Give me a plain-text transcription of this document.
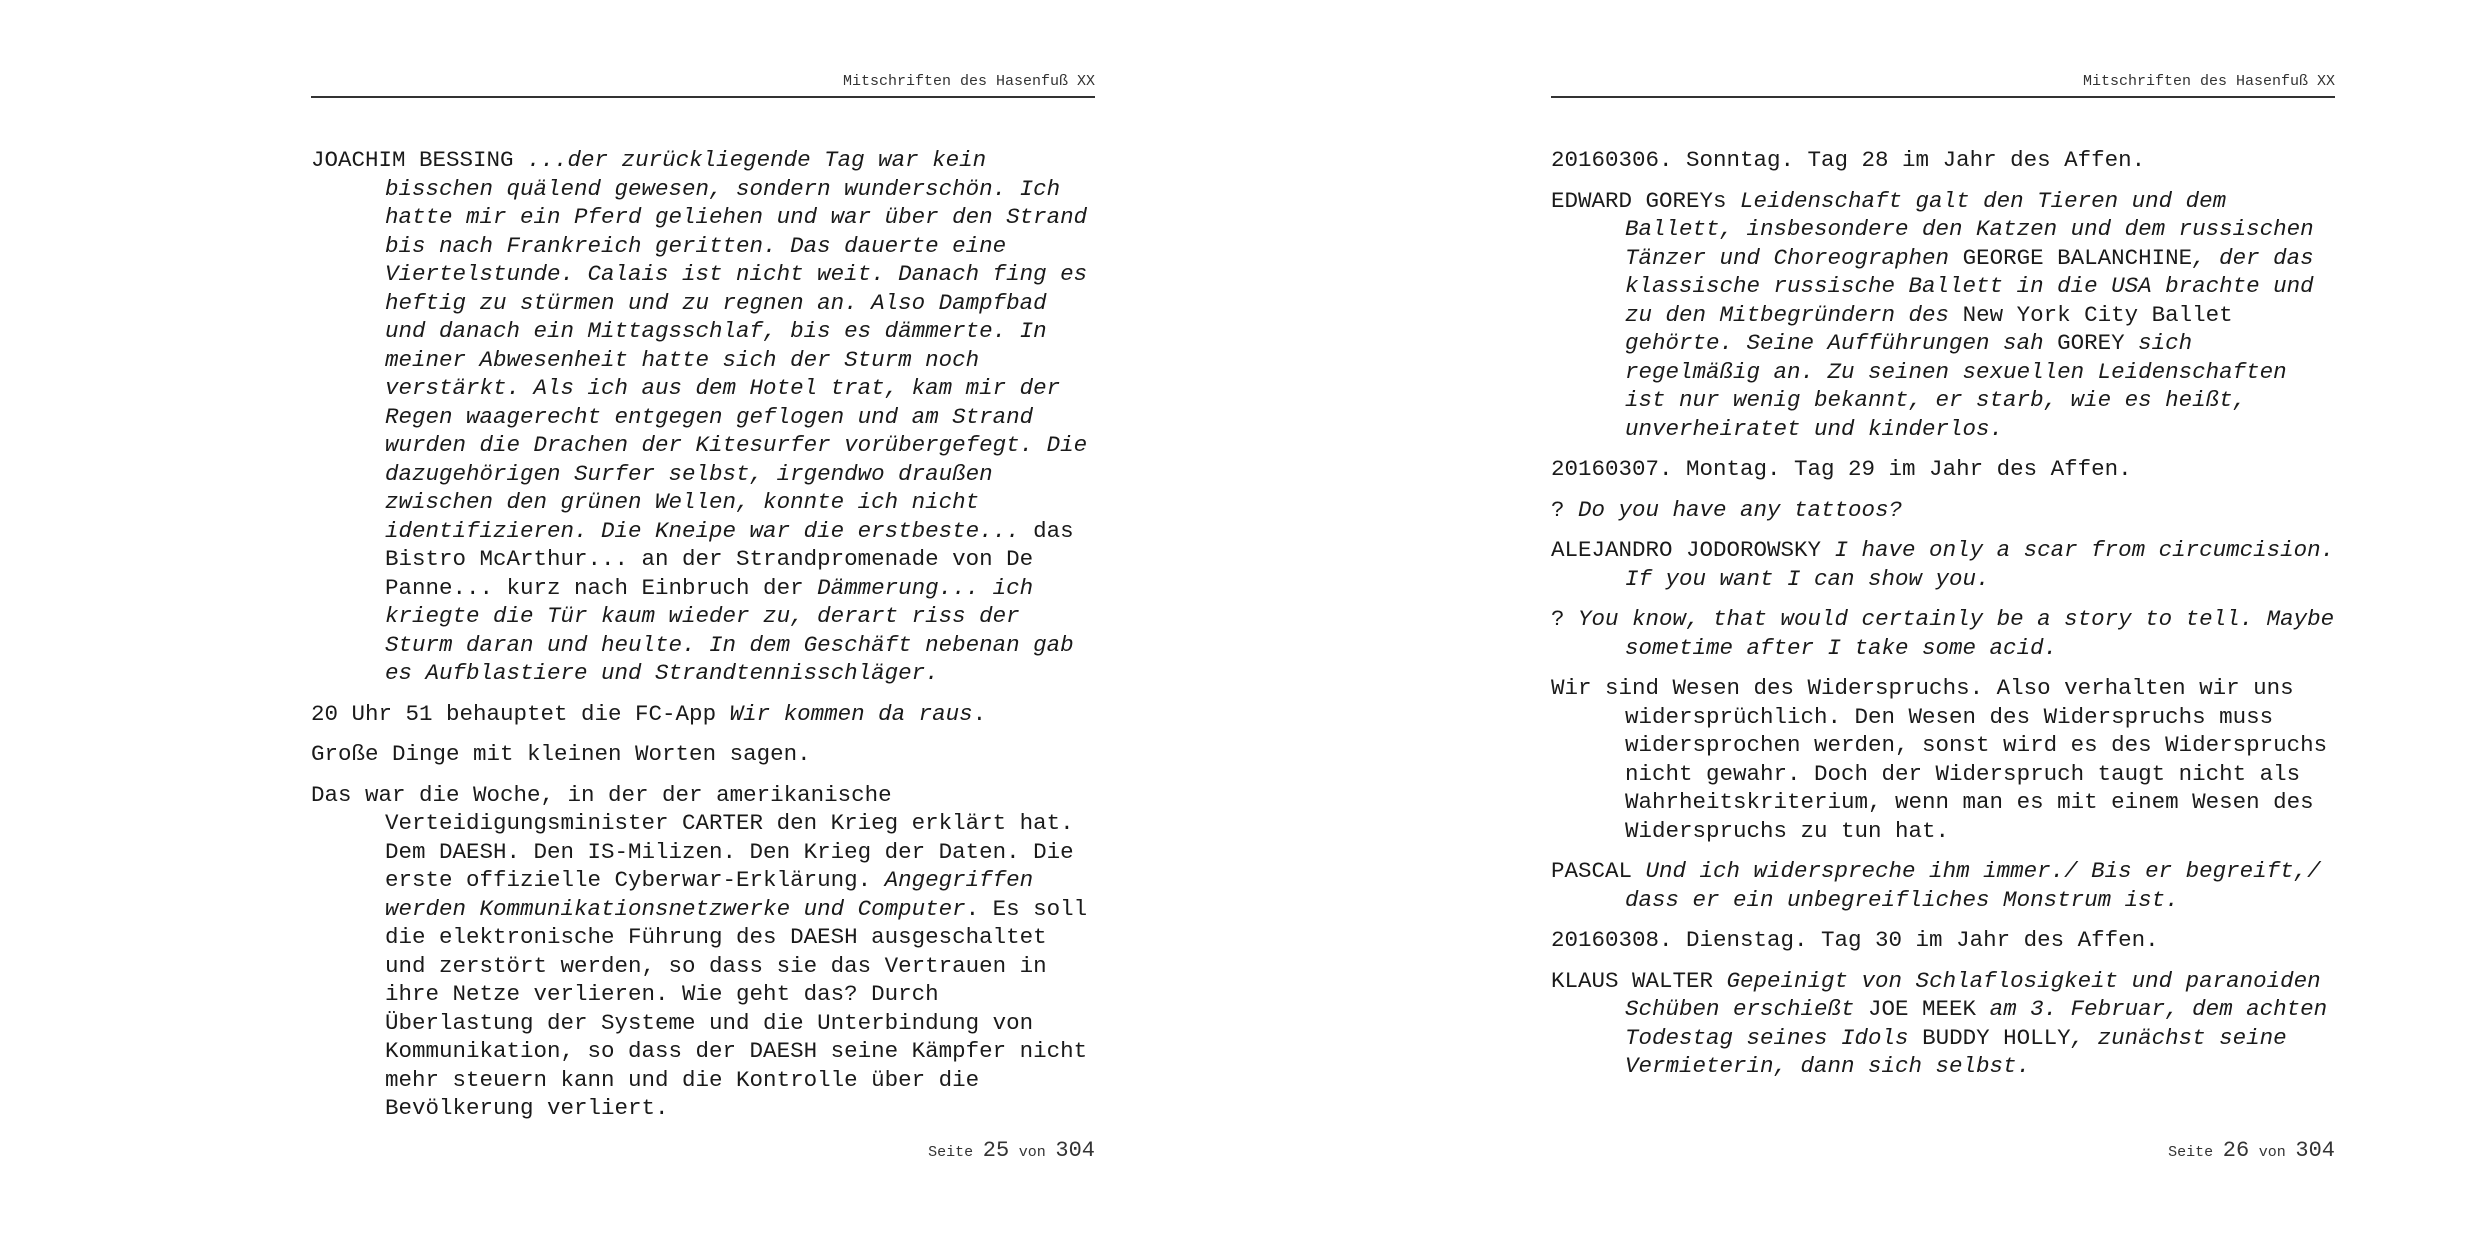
Mitschriften des Hasenfuß XX

JOACHIM BESSING ...der zurückliegende Tag war kein bisschen quälend gewesen, sondern wunderschön. Ich hatte mir ein Pferd geliehen und war über den Strand bis nach Frankreich geritten. Das dauerte eine Viertelstunde. Calais ist nicht weit. Danach fing es heftig zu stürmen und zu regnen an. Also Dampfbad und danach ein Mittagsschlaf, bis es dämmerte. In meiner Abwesenheit hatte sich der Sturm noch verstärkt. Als ich aus dem Hotel trat, kam mir der Regen waagerecht entgegen geflogen und am Strand wurden die Drachen der Kitesurfer vorübergefegt. Die dazugehörigen Surfer selbst, irgendwo draußen zwischen den grünen Wellen, konnte ich nicht identifizieren. Die Kneipe war die erstbeste... das Bistro McArthur... an der Strandpromenade von De Panne... kurz nach Einbruch der Dämmerung... ich kriegte die Tür kaum wieder zu, derart riss der Sturm daran und heulte. In dem Geschäft nebenan gab es Aufblastiere und Strandtennisschläger.

20 Uhr 51 behauptet die FC-App Wir kommen da raus.

Große Dinge mit kleinen Worten sagen.

Das war die Woche, in der der amerikanische Verteidigungsminister CARTER den Krieg erklärt hat. Dem DAESH. Den IS-Milizen. Den Krieg der Daten. Die erste offizielle Cyberwar-Erklärung. Angegriffen werden Kommunikationsnetzwerke und Computer. Es soll die elektronische Führung des DAESH ausgeschaltet und zerstört werden, so dass sie das Vertrauen in ihre Netze verlieren. Wie geht das? Durch Überlastung der Systeme und die Unterbindung von Kommunikation, so dass der DAESH seine Kämpfer nicht mehr steuern kann und die Kontrolle über die Bevölkerung verliert.

Seite 25 von 304
Mitschriften des Hasenfuß XX

20160306. Sonntag. Tag 28 im Jahr des Affen.

EDWARD GOREYs Leidenschaft galt den Tieren und dem Ballett, insbesondere den Katzen und dem russischen Tänzer und Choreographen GEORGE BALANCHINE, der das klassische russische Ballett in die USA brachte und zu den Mitbegründern des New York City Ballet gehörte. Seine Aufführungen sah GOREY sich regelmäßig an. Zu seinen sexuellen Leidenschaften ist nur wenig bekannt, er starb, wie es heißt, unverheiratet und kinderlos.

20160307. Montag. Tag 29 im Jahr des Affen.

? Do you have any tattoos?

ALEJANDRO JODOROWSKY I have only a scar from circumcision. If you want I can show you.

? You know, that would certainly be a story to tell. Maybe sometime after I take some acid.

Wir sind Wesen des Widerspruchs. Also verhalten wir uns widersprüchlich. Den Wesen des Widerspruchs muss widersprochen werden, sonst wird es des Widerspruchs nicht gewahr. Doch der Widerspruch taugt nicht als Wahrheitskriterium, wenn man es mit einem Wesen des Widerspruchs zu tun hat.

PASCAL Und ich widerspreche ihm immer./ Bis er begreift,/ dass er ein unbegreifliches Monstrum ist.

20160308. Dienstag. Tag 30 im Jahr des Affen.

KLAUS WALTER Gepeinigt von Schlaflosigkeit und paranoiden Schüben erschießt JOE MEEK am 3. Februar, dem achten Todestag seines Idols BUDDY HOLLY, zunächst seine Vermieterin, dann sich selbst.

Seite 26 von 304
